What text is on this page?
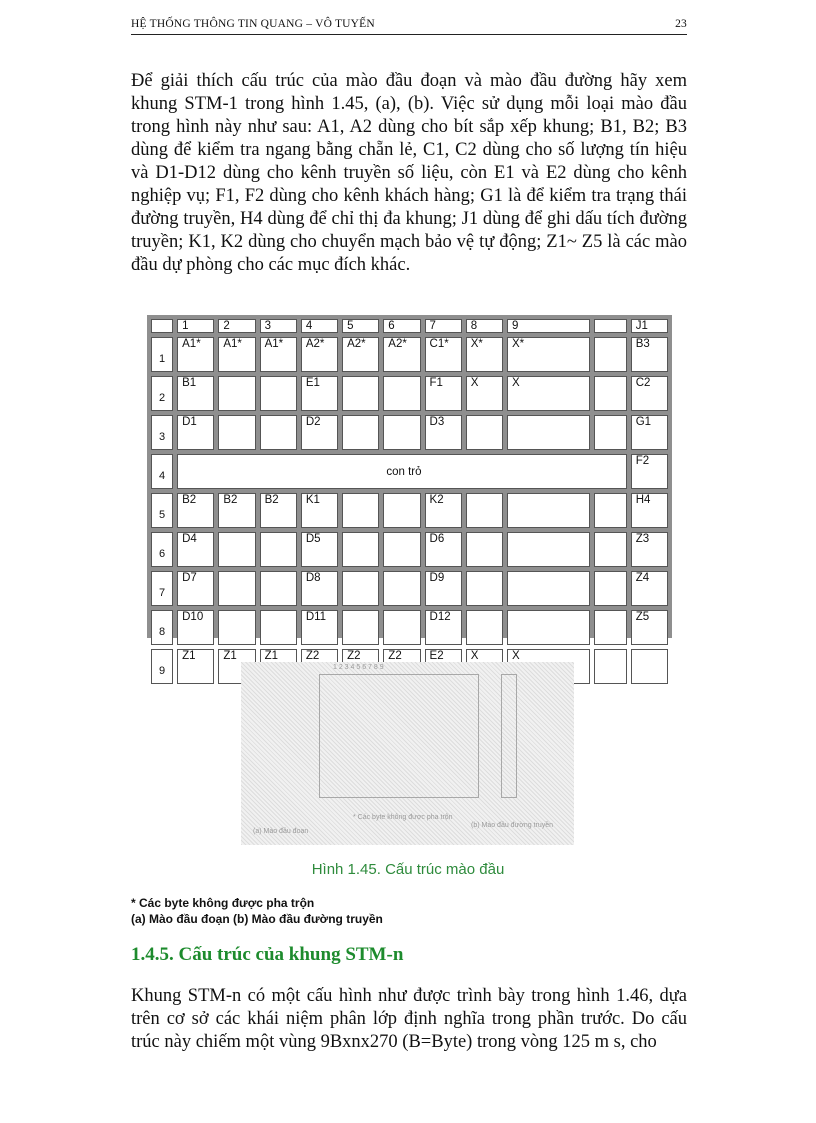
HỆ THỐNG THÔNG TIN QUANG – VÔ TUYẾN	23
Để giải thích cấu trúc của mào đầu đoạn và mào đầu đường hãy xem khung STM-1 trong hình 1.45, (a), (b). Việc sử dụng mỗi loại mào đầu trong hình này như sau: A1, A2 dùng cho bít sắp xếp khung; B1, B2; B3 dùng để kiểm tra ngang bằng chẵn lẻ, C1, C2 dùng cho số lượng tín hiệu và D1-D12 dùng cho kênh truyền số liệu, còn E1 và E2 dùng cho kênh nghiệp vụ; F1, F2 dùng cho kênh khách hàng; G1 là để kiểm tra trạng thái đường truyền, H4 dùng để chỉ thị đa khung; J1 dùng để ghi dấu tích đường truyền; K1, K2 dùng cho chuyển mạch bảo vệ tự động; Z1~ Z5 là các mào đầu dự phòng cho các mục đích khác.
	1	2	3	4	5	6	7	8	9		J1
1	A1*	A1*	A1*	A2*	A2*	A2*	C1*	X*	X*		B3
2	B1			E1			F1	X	X		C2
3	D1			D2			D3				G1
4	con trỏ										F2
5	B2	B2	B2	K1			K2				H4
6	D4			D5			D6				Z3
7	D7			D8			D9				Z4
8	D10			D11			D12				Z5
9	Z1	Z1	Z1	Z2	Z2	Z2	E2	X	X		
1 2 3 4 5 6 7 8 9
* Các byte không được pha trộn
(a) Mào đầu đoạn
(b) Mào đầu đường truyền
Hình 1.45. Cấu trúc mào đầu
* Các byte không được pha trộn
(a) Mào đầu đoạn (b) Mào đầu đường truyền
1.4.5. Cấu trúc của khung STM-n
Khung STM-n có một cấu hình như được trình bày trong hình 1.46, dựa trên cơ sở các khái niệm phân lớp định nghĩa trong phần trước. Do cấu trúc này chiếm một vùng 9Bxnx270 (B=Byte) trong vòng 125 m s, cho
